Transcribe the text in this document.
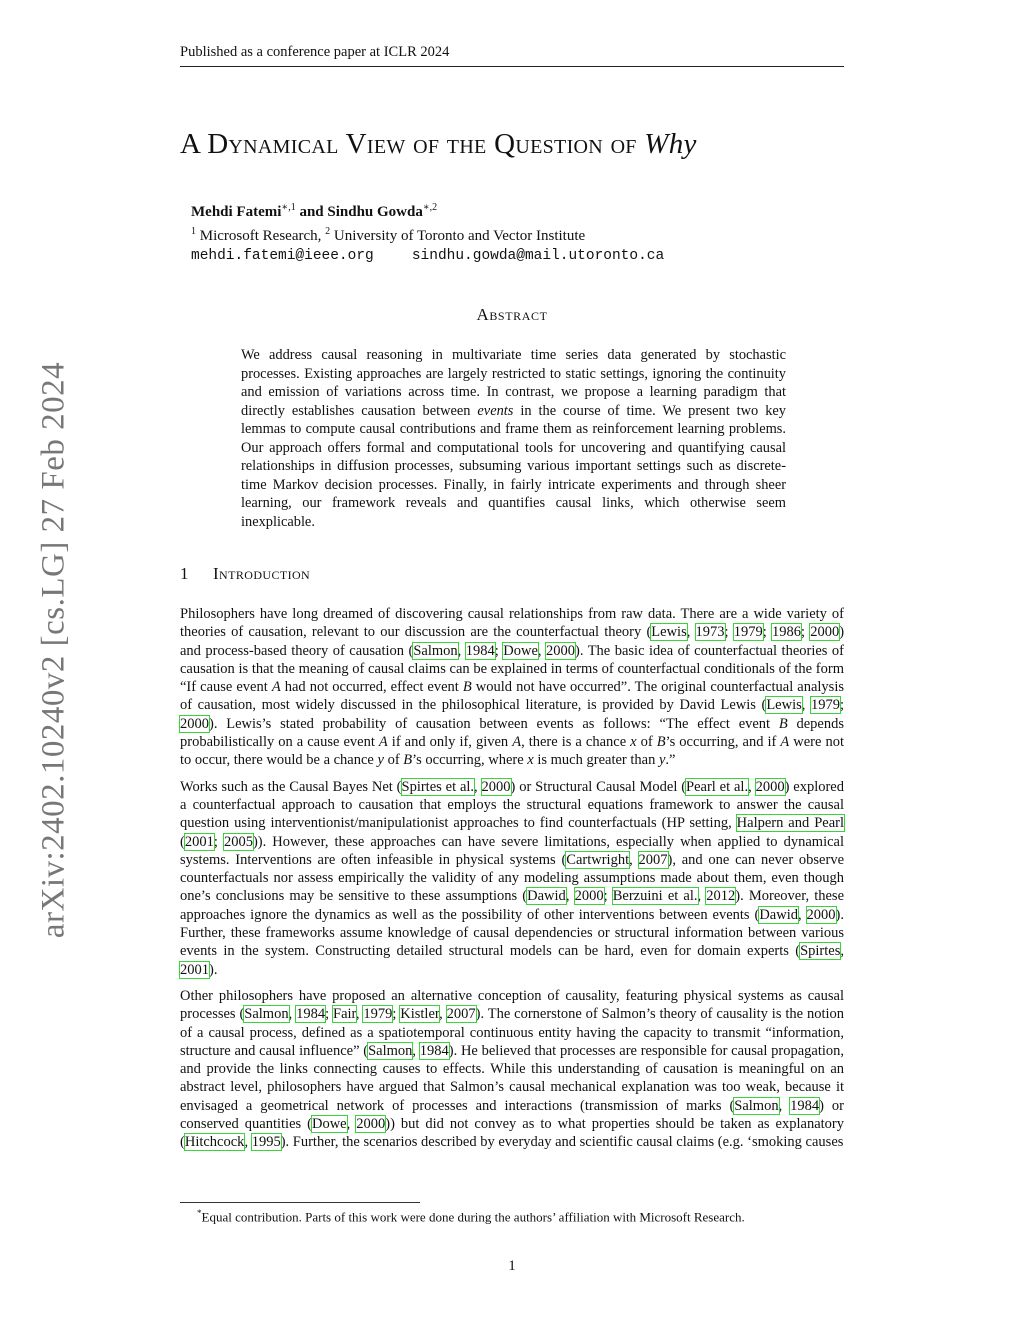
Published as a conference paper at ICLR 2024
arXiv:2402.10240v2 [cs.LG] 27 Feb 2024
A Dynamical View of the Question of Why
Mehdi Fatemi$^{∗,1}$ and Sindhu Gowda$^{∗,2}$
$^1$ Microsoft Research, $^2$ University of Toronto and Vector Institute
mehdi.fatemi@ieee.org	sindhu.gowda@mail.utoronto.ca
Abstract
We address causal reasoning in multivariate time series data generated by stochastic processes. Existing approaches are largely restricted to static settings, ignoring the continuity and emission of variations across time. In contrast, we propose a learning paradigm that directly establishes causation between events in the course of time. We present two key lemmas to compute causal contributions and frame them as reinforcement learning problems. Our approach offers formal and computational tools for uncovering and quantifying causal relationships in diffusion processes, subsuming various important settings such as discrete-time Markov decision processes. Finally, in fairly intricate experiments and through sheer learning, our framework reveals and quantifies causal links, which otherwise seem inexplicable.
1 Introduction

Philosophers have long dreamed of discovering causal relationships from raw data. There are a wide variety of theories of causation, relevant to our discussion are the counterfactual theory (Lewis, 1973; 1979; 1986; 2000) and process-based theory of causation (Salmon, 1984; Dowe, 2000). The basic idea of counterfactual theories of causation is that the meaning of causal claims can be explained in terms of counterfactual conditionals of the form “If cause event A had not occurred, effect event B would not have occurred”. The original counterfactual analysis of causation, most widely discussed in the philosophical literature, is provided by David Lewis (Lewis, 1979; 2000). Lewis’s stated probability of causation between events as follows: “The effect event B depends probabilistically on a cause event A if and only if, given A, there is a chance x of B’s occurring, and if A were not to occur, there would be a chance y of B’s occurring, where x is much greater than y.”

Works such as the Causal Bayes Net (Spirtes et al., 2000) or Structural Causal Model (Pearl et al., 2000) explored a counterfactual approach to causation that employs the structural equations framework to answer the causal question using interventionist/manipulationist approaches to find counterfactuals (HP setting, Halpern and Pearl (2001; 2005)). However, these approaches can have severe limitations, especially when applied to dynamical systems. Interventions are often infeasible in physical systems (Cartwright, 2007), and one can never observe counterfactuals nor assess empirically the validity of any modeling assumptions made about them, even though one’s conclusions may be sensitive to these assumptions (Dawid, 2000; Berzuini et al., 2012). Moreover, these approaches ignore the dynamics as well as the possibility of other interventions between events (Dawid, 2000). Further, these frameworks assume knowledge of causal dependencies or structural information between various events in the system. Constructing detailed structural models can be hard, even for domain experts (Spirtes, 2001).

Other philosophers have proposed an alternative conception of causality, featuring physical systems as causal processes (Salmon, 1984; Fair, 1979; Kistler, 2007). The cornerstone of Salmon’s theory of causality is the notion of a causal process, defined as a spatiotemporal continuous entity having the capacity to transmit “information, structure and causal influence” (Salmon, 1984). He believed that processes are responsible for causal propagation, and provide the links connecting causes to effects. While this understanding of causation is meaningful on an abstract level, philosophers have argued that Salmon’s causal mechanical explanation was too weak, because it envisaged a geometrical network of processes and interactions (transmission of marks (Salmon, 1984) or conserved quantities (Dowe, 2000)) but did not convey as to what properties should be taken as explanatory (Hitchcock, 1995). Further, the scenarios described by everyday and scientific causal claims (e.g. ‘smoking causes

*Equal contribution. Parts of this work were done during the authors’ affiliation with Microsoft Research.
1
